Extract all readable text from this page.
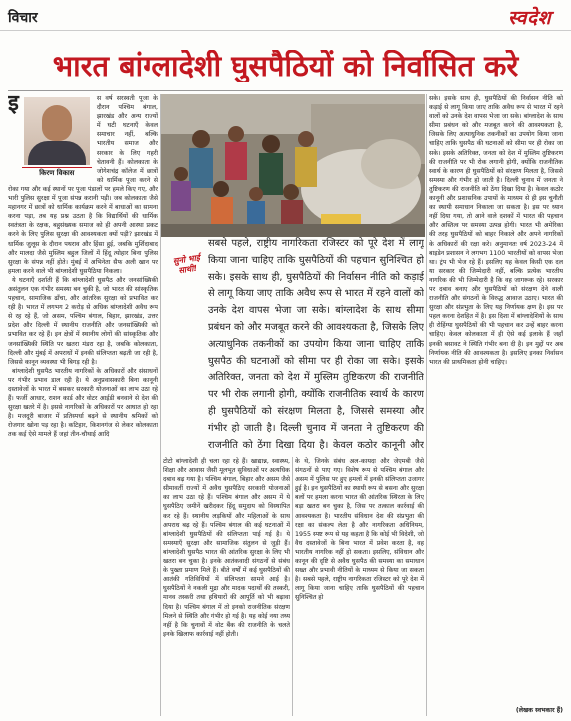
विचार	स्वदेश
भारत बांग्लादेशी घुसपैठियों को निर्वासित करे

इ
किरण विकास
स वर्ष सरस्वती पूजा के दौरान पश्चिम बंगाल, झारखंड और अन्य राज्यों में घटी घटनाएँ केवल समाचार नहीं, बल्कि भारतीय समाज और सरकार के लिए गहरी चेतावनी हैं। कोलकाता के जोगेशचंद्र कॉलेज में छात्रों को धार्मिक पूजा करने से रोका गया और कई स्थानों पर पूजा पंडालों पर हमले किए गए, और भारी पुलिस सुरक्षा में पूजा संपन्न करानी पड़ी। जब कोलकाता जैसे महानगर में छात्रों को धार्मिक कार्यक्रम करने में बाधाओं का सामना करना पड़ा, तब यह प्रश्न उठता है कि विद्यार्थियों की धार्मिक स्वतंत्रता के रक्षक, बहुसंख्यक समाज को ही अपनी आस्था प्रकट करने के लिए पुलिस सुरक्षा की आवश्यकता क्यों पड़ी? झारखंड में धार्मिक जुलूस के दौरान पथराव और हिंसा हुई, जबकि मुर्शिदाबाद और मालदा जैसे मुस्लिम बहुल जिलों में हिंदू त्योहार बिना पुलिस सुरक्षा के संपन्न नहीं होते। मुंबई में अभिनेता सैफ अली खान पर हमला करने वाले भी बांग्लादेशी घुसपैठिया निकला।

ये घटनाएँ दर्शाती हैं कि बांग्लादेशी घुसपैठ और जनसांख्यिकी असंतुलन एक गंभीर समस्या बन चुकी है, जो भारत की सांस्कृतिक पहचान, सामाजिक ढाँचा, और आंतरिक सुरक्षा को प्रभावित कर रही है। भारत में लगभग 2 करोड़ से अधिक बांग्लादेशी अवैध रूप से रह रहे हैं, जो असम, पश्चिम बंगाल, बिहार, झारखंड, उत्तर प्रदेश और दिल्ली में स्थानीय राजनीति और जनसांख्यिकी को प्रभावित कर रहे हैं। इन क्षेत्रों में स्थानीय लोगों की सांस्कृतिक और जनसांख्यिकी स्थिति पर खतरा मंडरा रहा है, जबकि कोलकाता, दिल्ली और मुंबई में अपराधों में इनकी संलिप्तता बढ़ती जा रही है, जिससे कानून व्यवस्था भी बिगड़ रही है।

बांग्लादेशी घुसपैठ भारतीय नागरिकों के अधिकारों और संसाधनों पर गंभीर प्रभाव डाल रही है। ये अनुप्रवासकारी बिना कानूनी दस्तावेजों के भारत में बसकर सरकारी योजनाओं का लाभ उठा रहे हैं। फर्जी आधार, राशन कार्ड और वोटर आईडी बनवाने से देश की सुरक्षा खतरे में है। इससे नागरिकों के अधिकारों पर आघात हो रहा है। मजदूरी बाजार में प्रतिस्पर्धा बढ़ने से स्थानीय श्रमिकों को रोजगार खोना पड़ रहा है। कटिहार, किशनगंज से लेकर कोलकाता तक कई ऐसे मामले हैं जहां तीन-चौथाई आदि

सुनो भाई साथी!
सबसे पहले, राष्ट्रीय नागरिकता रजिस्टर को पूरे देश में लागू किया जाना चाहिए ताकि घुसपैठियों की पहचान सुनिश्चित हो सके। इसके साथ ही, घुसपैठियों की निर्वासन नीति को कड़ाई से लागू किया जाए ताकि अवैध रूप से भारत में रहने वालों को उनके देश वापस भेजा जा सके। बांग्लादेश के साथ सीमा प्रबंधन को और मजबूत करने की आवश्यकता है, जिसके लिए अत्याधुनिक तकनीकों का उपयोग किया जाना चाहिए ताकि घुसपैठ की घटनाओं को सीमा पर ही रोका जा सके। इसके अतिरिक्त, जनता को देश में मुस्लिम तुष्टिकरण की राजनीति पर भी रोक लगानी होगी, क्योंकि राजनीतिक स्वार्थ के कारण ही घुसपैठियों को संरक्षण मिलता है, जिससे समस्या और गंभीर हो जाती है। दिल्ली चुनाव में जनता ने तुष्टिकरण की राजनीति को ठेंगा दिखा दिया है। केवल कठोर कानूनी और

टोटो बांग्लादेशी ही चला रहा रहे हैं। खाद्यान्न, स्वास्थ्य, शिक्षा और आवास जैसी मूलभूत सुविधाओं पर अत्यधिक दबाव बढ़ गया है। पश्चिम बंगाल, बिहार और असम जैसे सीमावर्ती राज्यों में अवैध घुसपैठिए सरकारी योजनाओं का लाभ उठा रहे हैं। पश्चिम बंगाल और असम में ये घुसपैठिए जमीनें खरीदकर हिंदू समुदाय को विस्थापित कर रहे हैं। स्थानीय लड़कियों और महिलाओं के साथ अपराध बढ़ रहे हैं। पश्चिम बंगाल की कई घटनाओं में बांग्लादेशी घुसपैठियों की संलिप्तता पाई गई है। ये समस्याएँ सुरक्षा और सामाजिक संतुलन से जुड़ी हैं। बांग्लादेशी घुसपैठ भारत की आंतरिक सुरक्षा के लिए भी खतरा बन चुका है। इनके आतंकवादी संगठनों से संबंध के पुख्ता प्रमाण मिले हैं। बीते वर्षों में कई घुसपैठियों की आतंकी गतिविधियों में संलिप्तता सामने आई है। घुसपैठियों ने नकली मुद्रा और मादक पदार्थों की तस्करी, मानव तस्करी तथा हथियारों की आपूर्ति को भी बढ़ावा दिया है। पश्चिम बंगाल में तो इनको राजनीतिक संरक्षण मिलने से स्थिति और गंभीर हो गई है। यह कोई नया तथ्य नहीं है कि चुनावों में वोट बैंक की राजनीति के चलते इनके खिलाफ कार्रवाई नहीं होती।

के थे, जिनके संबंध अल-कायदा और जेएमबी जैसे संगठनों से पाए गए। विशेष रूप से पश्चिम बंगाल और असम में पुलिस पर हुए हमलों में इनकी संलिप्तता उजागर हुई है। इन घुसपैठियों का स्थायी रूप से बसना और सुरक्षा बलों पर हमला करना भारत की आंतरिक स्थिरता के लिए बड़ा खतरा बन चुका है, जिस पर तत्काल कार्रवाई की आवश्यकता है। भारतीय संविधान देश की संप्रभुता की रक्षा का संकल्प लेता है और नागरिकता अधिनियम, 1955 स्पष्ट रूप से यह कहता है कि कोई भी विदेशी, जो वैध दस्तावेजों के बिना भारत में प्रवेश करता है, वह भारतीय नागरिक नहीं हो सकता। इसलिए, संविधान और कानून की दृष्टि से अवैध घुसपैठ की समस्या का समाधान सख्त और प्रभावी नीतियों के माध्यम से किया जा सकता है। सबसे पहले, राष्ट्रीय नागरिकता रजिस्टर को पूरे देश में लागू किया जाना चाहिए ताकि घुसपैठियों की पहचान सुनिश्चित हो

सके। इसके साथ ही, घुसपैठियों की निर्वासन नीति को कड़ाई से लागू किया जाए ताकि अवैध रूप से भारत में रहने वालों को उनके देश वापस भेजा जा सके। बांग्लादेश के साथ सीमा प्रबंधन को और मजबूत करने की आवश्यकता है, जिसके लिए अत्याधुनिक तकनीकों का उपयोग किया जाना चाहिए ताकि घुसपैठ की घटनाओं को सीमा पर ही रोका जा सके। इसके अतिरिक्त, जनता को देश में मुस्लिम तुष्टिकरण की राजनीति पर भी रोक लगानी होगी, क्योंकि राजनीतिक स्वार्थ के कारण ही घुसपैठियों को संरक्षण मिलता है, जिससे समस्या और गंभीर हो जाती है। दिल्ली चुनाव में जनता ने तुष्टिकरण की राजनीति को ठेंगा दिखा दिया है। केवल कठोर कानूनी और प्रशासनिक उपायों के माध्यम से ही इस चुनौती का स्थायी समाधान निकाला जा सकता है। इस पर ध्यान नहीं दिया गया, तो आने वाले दशकों में भारत की पहचान और अस्तित्व पर समस्या उत्पन्न होगी। भारत भी अमेरिका की तरह घुसपैठियों को बाहर निकाले और अपने नागरिकों के अधिकारों की रक्षा करे। अनुमानतः वर्ष 2023-24 में बाइडेन प्रशासन ने लगभग 1100 भारतीयों को वापस भेजा था। ट्रंप भी भेज रहे हैं। इसलिए यह केवल किसी एक दल या सरकार की जिम्मेदारी नहीं, बल्कि प्रत्येक भारतीय नागरिक की भी जिम्मेदारी है कि वह जागरूक रहे। सरकार पर दबाव बनाए और घुसपैठियों को संरक्षण देने वाली राजनीति और संगठनों के विरुद्ध आवाज उठाए। भारत की सुरक्षा और संप्रभुता के लिए यह निर्णायक क्षण है। इस पर पहल करना देशहित में है। इस दिशा में बांग्लादेशियों के साथ ही रोहिंग्या घुसपैठियों की भी पहचान कर उन्हें बाहर करना चाहिए। केवल कोलकाता में ही ऐसे कई इलाके हैं जहाँ इनकी बसावट ने स्थिति गंभीर बना दी है। इन मुद्दों पर अब निर्णायक नीति की आवश्यकता है। इसलिए इनका निर्वासन भारत की प्राथमिकता होनी चाहिए।

(लेखक स्वभकार हैं)
